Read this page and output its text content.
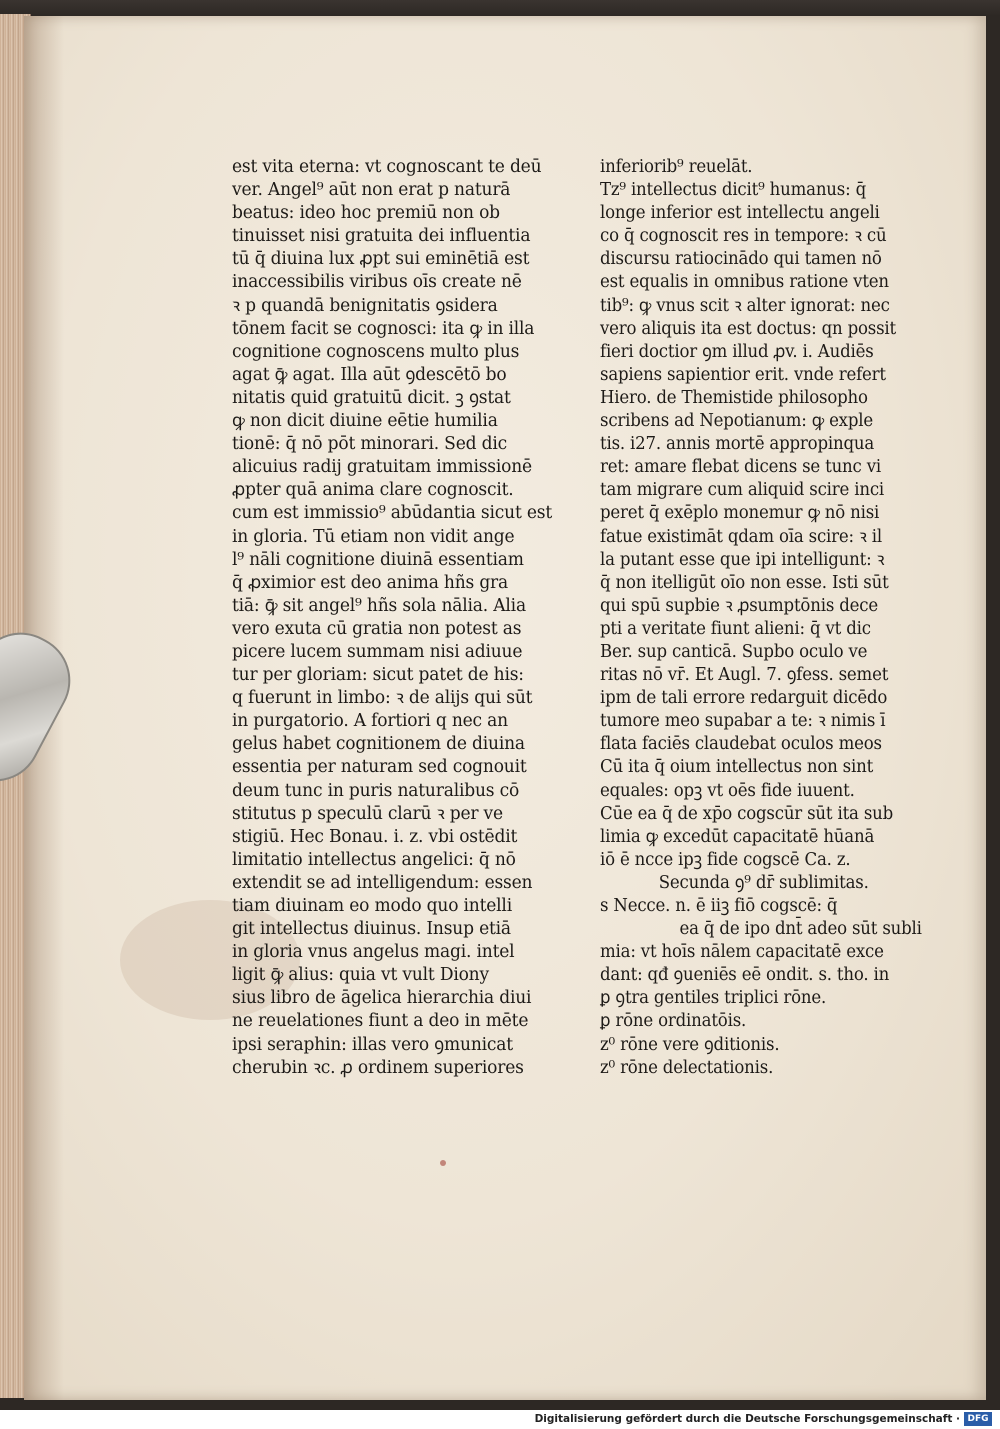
est vita eterna: vt cognoscant te deū
ver. Angel⁹ aūt non erat p naturā
beatus: ideo hoc premiū non ob
tinuisset nisi gratuita dei influentia
tū q̄ diuina lux ꝓpt sui eminētiā est
inaccessibilis viribus oīs create nē
ꝛ p quandā benignitatis ꝯsidera
tōnem facit se cognosci: ita ꝙ in illa
cognitione cognoscens multo plus
agat ꝙ̄ agat. Illa aūt ꝯdescētō bo
nitatis quid gratuitū dicit. ꝫ ꝯstat
ꝙ non dicit diuine eētie humilia
tionē: q̄ nō pōt minorari. Sed dic
alicuius radij gratuitam immissionē
ꝓpter quā anima clare cognoscit.
cum est immissio⁹ abūdantia sicut est
in gloria. Tū etiam non vidit ange
l⁹ nāli cognitione diuinā essentiam
q̄ ꝓximior est deo anima hñs gra
tiā: ꝙ̄ sit angel⁹ hñs sola nālia. Alia
vero exuta cū gratia non potest as
picere lucem summam nisi adiuue
tur per gloriam: sicut patet de his:
q fuerunt in limbo: ꝛ de alijs qui sūt
in purgatorio. A fortiori q nec an
gelus habet cognitionem de diuina
essentia per naturam sed cognouit
deum tunc in puris naturalibus cō
stitutus p speculū clarū ꝛ per ve
stigiū. Hec Bonau. i. z. vbi ostēdit
limitatio intellectus angelici: q̄ nō
extendit se ad intelligendum: essen
tiam diuinam eo modo quo intelli
git intellectus diuinus. Insup etiā
in gloria vnus angelus magi. intel
ligit ꝙ̄ alius: quia vt vult Diony
sius libro de āgelica hierarchia diui
ne reuelationes fiunt a deo in mēte
ipsi seraphin: illas vero ꝯmunicat
cherubin ꝛc. ꝓ ordinem superiores
inferiorib⁹ reuelāt.
Tz⁹ intellectus dicit⁹ humanus: q̄
longe inferior est intellectu angeli
co q̄ cognoscit res in tempore: ꝛ cū
discursu ratiocinādo qui tamen nō
est equalis in omnibus ratione vten
tib⁹: ꝙ vnus scit ꝛ alter ignorat: nec
vero aliquis ita est doctus: qn possit
fieri doctior ꝯm illud ꝓv. i. Audiēs
sapiens sapientior erit. vnde refert
Hiero. de Themistide philosopho
scribens ad Nepotianum: ꝙ exple
tis. i27. annis mortē appropinqua
ret: amare flebat dicens se tunc vi
tam migrare cum aliquid scire inci
peret q̄ exēplo monemur ꝙ nō nisi
fatue existimāt qdam oīa scire: ꝛ il
la putant esse que ipi intelligunt: ꝛ
q̄ non itelligūt oīo non esse. Isti sūt
qui spū supbie ꝛ ꝓsumptōnis dece
pti a veritate fiunt alieni: q̄ vt dic
Ber. sup canticā. Supbo oculo ve
ritas nō vr̄. Et Augl. 7. ꝯfess. semet
ipm de tali errore redarguit dicēdo
tumore meo supabar a te: ꝛ nimis ī
flata faciēs claudebat oculos meos
Cū ita q̄ oium intellectus non sint
equales: opꝫ vt oēs fide iuuent.
Cūe ea q̄ de xp̄o cogscūr sūt ita sub
limia ꝙ excedūt capacitatē hūanā
iō ē ncce ipꝫ fide cogscē Ca. z.
Secunda ꝯ⁹ dr̄ sublimitas.
s Necce. n. ē iiꝫ fiō cogscē: q̄
ea q̄ de ipo dnt̄ adeo sūt subli
mia: vt hoīs nālem capacitatē exce
dant: qđ ꝯueniēs eē ondit. s. tho. in
ꝑ ꝯtra gentiles triplici rōne.
ꝑ rōne ordinatōis.
z⁰ rōne vere ꝯditionis.
z⁰ rōne delectationis.
Digitalisierung gefördert durch die Deutsche Forschungsgemeinschaft · DFG
